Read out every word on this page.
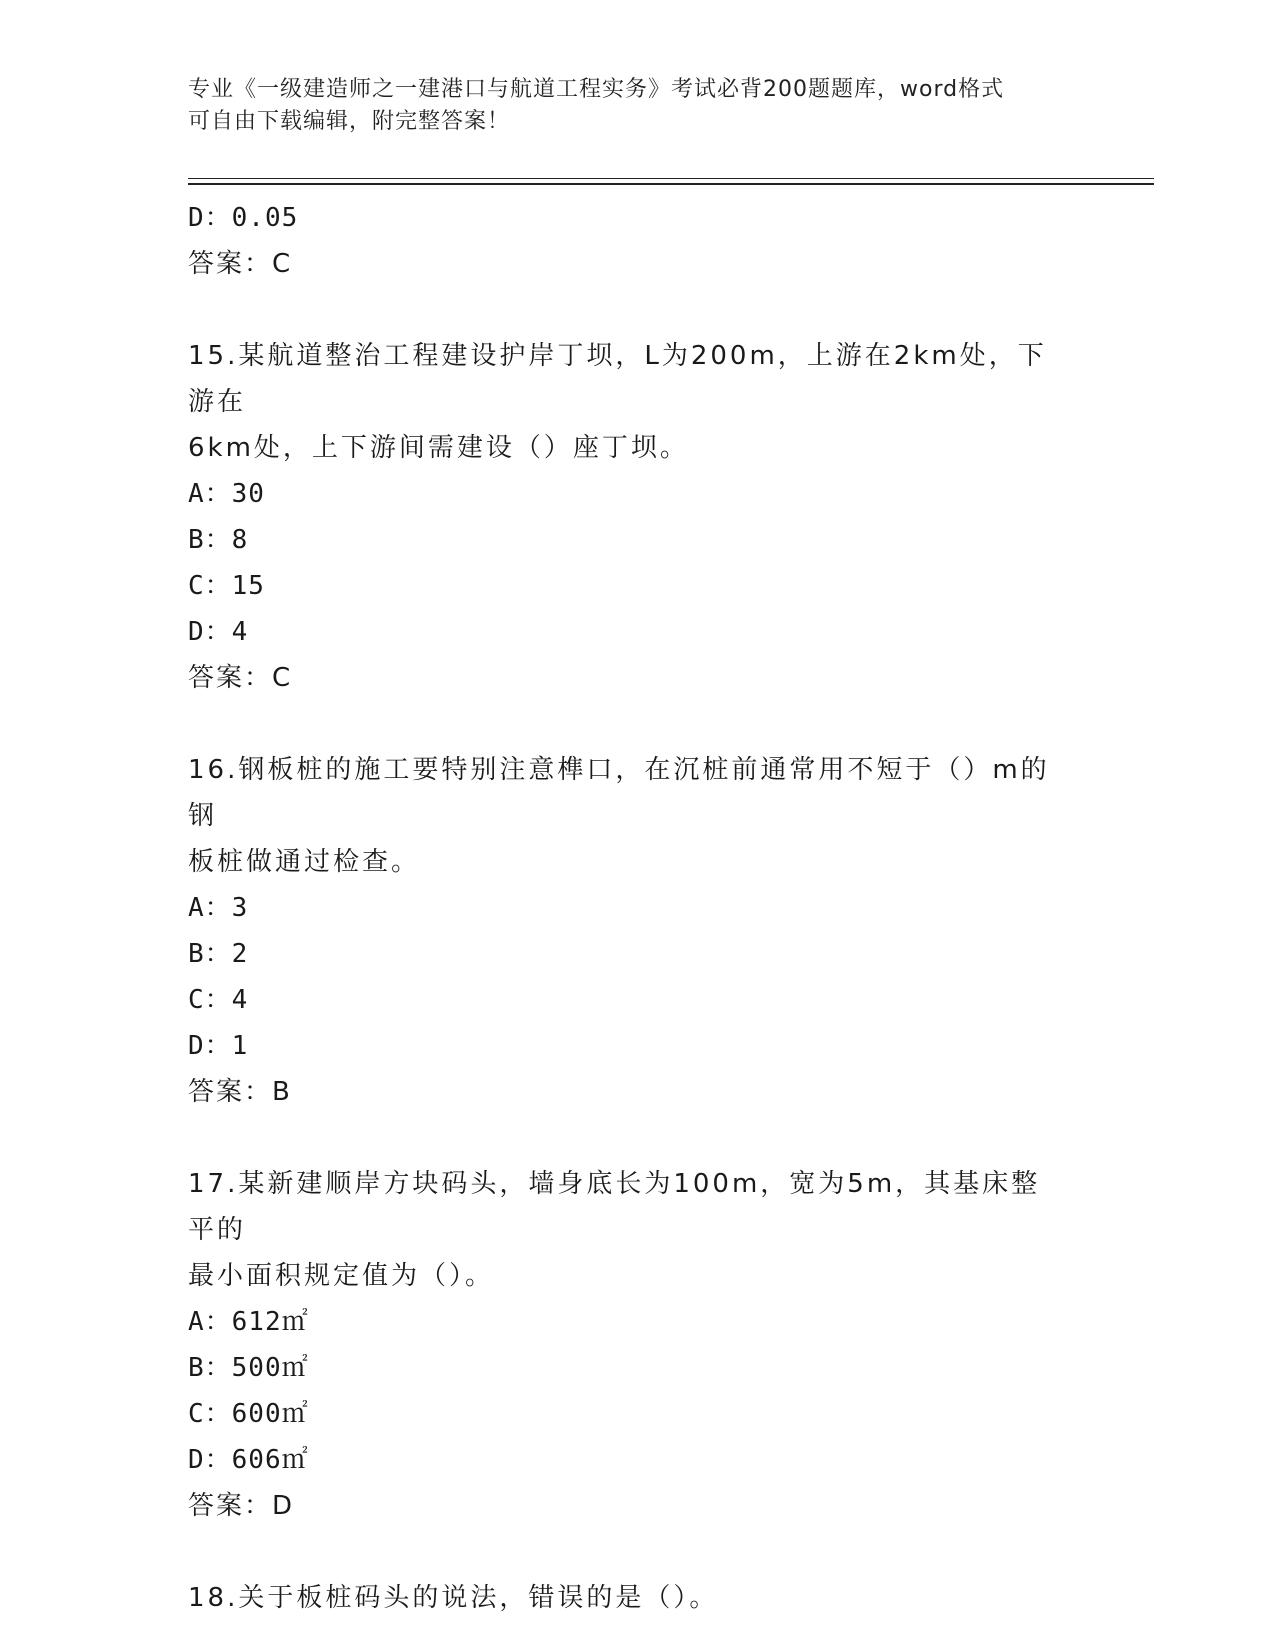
专业《一级建造师之一建港口与航道工程实务》考试必背200题题库，word格式
可自由下载编辑，附完整答案！
D：0.05
答案：C
15.某航道整治工程建设护岸丁坝，L为200m，上游在2km处，下游在
6km处，上下游间需建设（）座丁坝。
A：30
B：8
C：15
D：4
答案：C
16.钢板桩的施工要特别注意榫口，在沉桩前通常用不短于（）m的钢
板桩做通过检查。
A：3
B：2
C：4
D：1
答案：B
17.某新建顺岸方块码头，墙身底长为100m，宽为5m，其基床整平的
最小面积规定值为（）。
A：612㎡
B：500㎡
C：600㎡
D：606㎡
答案：D
18.关于板桩码头的说法，错误的是（）。
